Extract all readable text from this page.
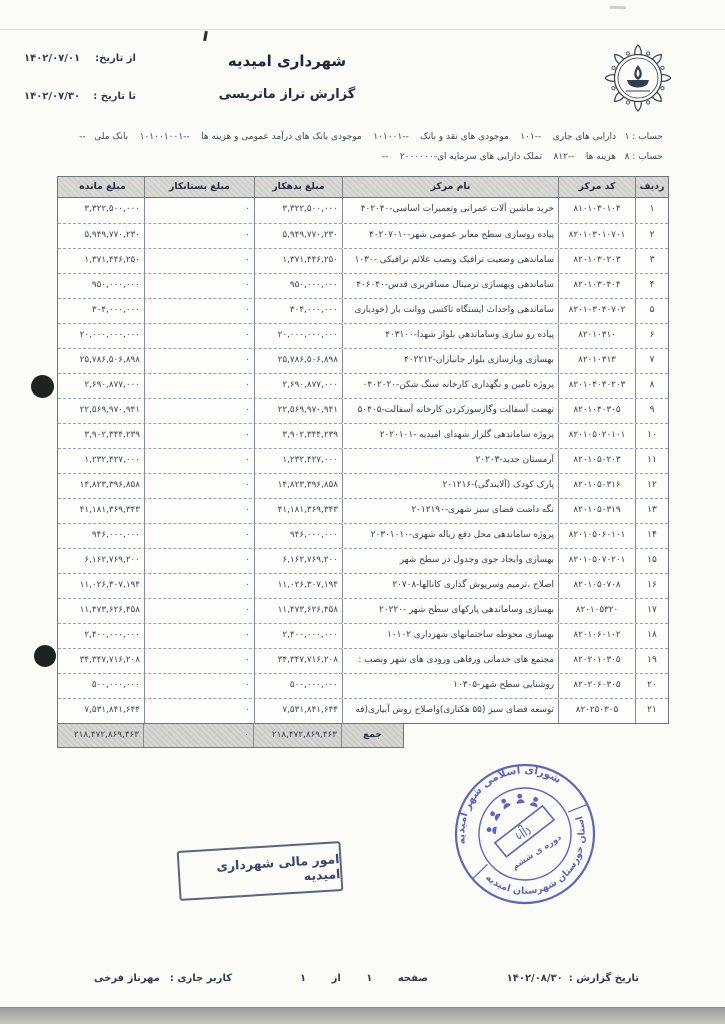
شهرداری امیدیه
گزارش تراز ماتریسی
از تاریخ:
۱۴۰۲/۰۷/۰۱
تا تاریخ :
۱۴۰۲/۰۷/۳۰
حساب : ۱   دارایی های جاری    --۱۰۱    موجودی های نقد و بانک    --۱۰۱۰۰۱    موجودی بانک های درآمد عمومی و هزینه ها    --۱۰۱۰۰۱۰۰۱    بانک ملی   --
حساب : ۸   هزینه ها    --۸۱۲    تملک دارایی های سرمایه ای-۲۰۰۰۰۰۰    --
ردیف
کد مرکز
نام مرکز
مبلغ بدهکار
مبلغ بستانکار
مبلغ مانده
۱
۸۱۰۱۰۳۰۱۰۴
خرید ماشین آلات عمرانی وتعمیرات اساسی-۴۰۲۰۴۰
۳,۳۲۲,۵۰۰,۰۰۰
۰
۳,۳۲۲,۵۰۰,۰۰۰
۲
۸۲۰۱۰۳۰۱۰۷۰۱
پیاده روسازی سطح معابر عمومی شهر-۴۰۲۰۷۰۱۰
۵,۹۴۹,۷۷۰,۲۳۰
۰
۵,۹۴۹,۷۷۰,۲۳۰
۳
۸۲۰۱۰۳۰۲۰۳
ساماندهی وضعیت ترافیک ونصب علائم ترافیکی -۱۰۳۰
۱,۳۷۱,۴۴۶,۲۵۰
۰
۱,۳۷۱,۴۴۶,۲۵۰
۴
۸۲۰۱۰۳۰۴۰۴
ساماندهی وبهسازی ترمینال مسافربری قدس-۴۰۶۰۴۰
۹۵۰,۰۰۰,۰۰۰
۰
۹۵۰,۰۰۰,۰۰۰
۵
۸۲۰۱۰۳۰۴۰۷۰۲
ساماندهی واحداث ایستگاه تاکسی ووانت بار (خودیاری
۳۰۴,۰۰۰,۰۰۰
۰
۳۰۴,۰۰۰,۰۰۰
۶
۸۲۰۱۰۳۱۰
پیاده رو سازی وساماندهی بلوار شهدا-۴۰۳۱۰۰
۲۰,۰۰۰,۰۰۰,۰۰۰
۰
۲۰,۰۰۰,۰۰۰,۰۰۰
۷
۸۲۰۱۰۳۱۳
بهسازی وبازسازی بلوار جانبازان-۴۰۲۲۱۲
۲۵,۷۸۶,۵۰۶,۸۹۸
۰
۲۵,۷۸۶,۵۰۶,۸۹۸
۸
۸۲۰۱۰۴۰۳۰۲۰۳
پروژه تامین و نگهداری کارخانه سنگ شکن-۰۴۰۲۰۲۰
۲,۶۹۰,۸۷۷,۰۰۰
۰
۲,۶۹۰,۸۷۷,۰۰۰
۹
۸۲۰۱۰۴۰۳۰۵
نهضت آسفالت وگازسوزکردن کارخانه آسفالت-۵۰۴۰۵
۲۲,۵۶۹,۹۷۰,۹۴۱
۰
۲۲,۵۶۹,۹۷۰,۹۴۱
۱۰
۸۲۰۱۰۵۰۲۰۱۰۱
پروژه ساماندهی گلزار شهدای امیدیه -۲۰۲۰۱۰۱
۳,۹۰۲,۳۴۴,۲۳۹
۰
۳,۹۰۲,۳۴۴,۲۳۹
۱۱
۸۲۰۱۰۵۰۲۰۳
آرمستان جدید-۲۰۲۰۳
۱,۲۳۲,۴۲۷,۰۰۰
۰
۱,۲۳۲,۴۲۷,۰۰۰
۱۲
۸۲۰۱۰۵۰۳۱۶
پارک کودک (آلایندگی)-۲۰۱۲۱۶
۱۴,۸۲۳,۳۹۶,۸۵۸
۰
۱۴,۸۲۳,۳۹۶,۸۵۸
۱۳
۸۲۰۱۰۵۰۳۱۹
نگه داشت فضای سبز شهری-۲۰۱۲۱۹۰
۴۱,۱۸۱,۳۶۹,۳۴۳
۰
۴۱,۱۸۱,۳۶۹,۳۴۳
۱۴
۸۲۰۱۰۵۰۶۰۱۰۱
پروژه ساماندهی محل دفع زباله شهری-۲۰۳۰۱۰۱۰
۹۴۶,۰۰۰,۰۰۰
۰
۹۴۶,۰۰۰,۰۰۰
۱۵
۸۲۰۱۰۵۰۷۰۲۰۱
بهسازی وایجاد جوی وجدول در سطح شهر
۶,۱۶۲,۷۶۹,۲۰۰
۰
۶,۱۶۲,۷۶۹,۲۰۰
۱۶
۸۲۰۱۰۵۰۷۰۸
اصلاح ،ترمیم وسرپوش گذاری کانالها-۲۰۷۰۸
۱۱,۰۲۶,۳۰۷,۱۹۴
۰
۱۱,۰۲۶,۳۰۷,۱۹۴
۱۷
۸۲۰۱۰۵۳۲۰
بهسازی وساماندهی پارکهای سطح شهر -۲۰۲۲۰
۱۱,۴۷۳,۶۲۶,۴۵۸
۰
۱۱,۴۷۳,۶۲۶,۴۵۸
۱۸
۸۲۰۱۰۶۰۱۰۲
بهسازی محوطه ساختمانهای شهرداری ۱۰۱۰۲
۲,۴۰۰,۰۰۰,۰۰۰
۰
۲,۴۰۰,۰۰۰,۰۰۰
۱۹
۸۲۰۲۰۱۰۳۰۵
مجتمع های خدماتی ورفاهی ورودی های شهر ونصب :
۳۴,۳۴۷,۷۱۶,۲۰۸
۰
۳۴,۳۴۷,۷۱۶,۲۰۸
۲۰
۸۲۰۲۰۶۰۳۰۵
روشنایی سطح شهر-۱۰۳۰۵
۵۰۰,۰۰۰,۰۰۰
۰
۵۰۰,۰۰۰,۰۰۰
۲۱
۸۲۰۲۵۰۳۰۵
توسعه فضای سبز (۵۵ هکتاری)واصلاح روش آبیاری(فه
۷,۵۳۱,۸۴۱,۶۴۴
۰
۷,۵۳۱,۸۴۱,۶۴۴
جمع
۲۱۸,۴۷۲,۸۶۹,۴۶۳
۰
۲۱۸,۴۷۲,۸۶۹,۴۶۳
شورای اسلامی شهر امیدیه
استان خوزستان شهرستان امیدیه
دوره ی ششم
امور مالی شهرداری امیدیه
تاریخ گزارش :
۱۴۰۲/۰۸/۳۰
صفحه
۱
از
۱
کاربر جاری :
مهرناز فرخی
